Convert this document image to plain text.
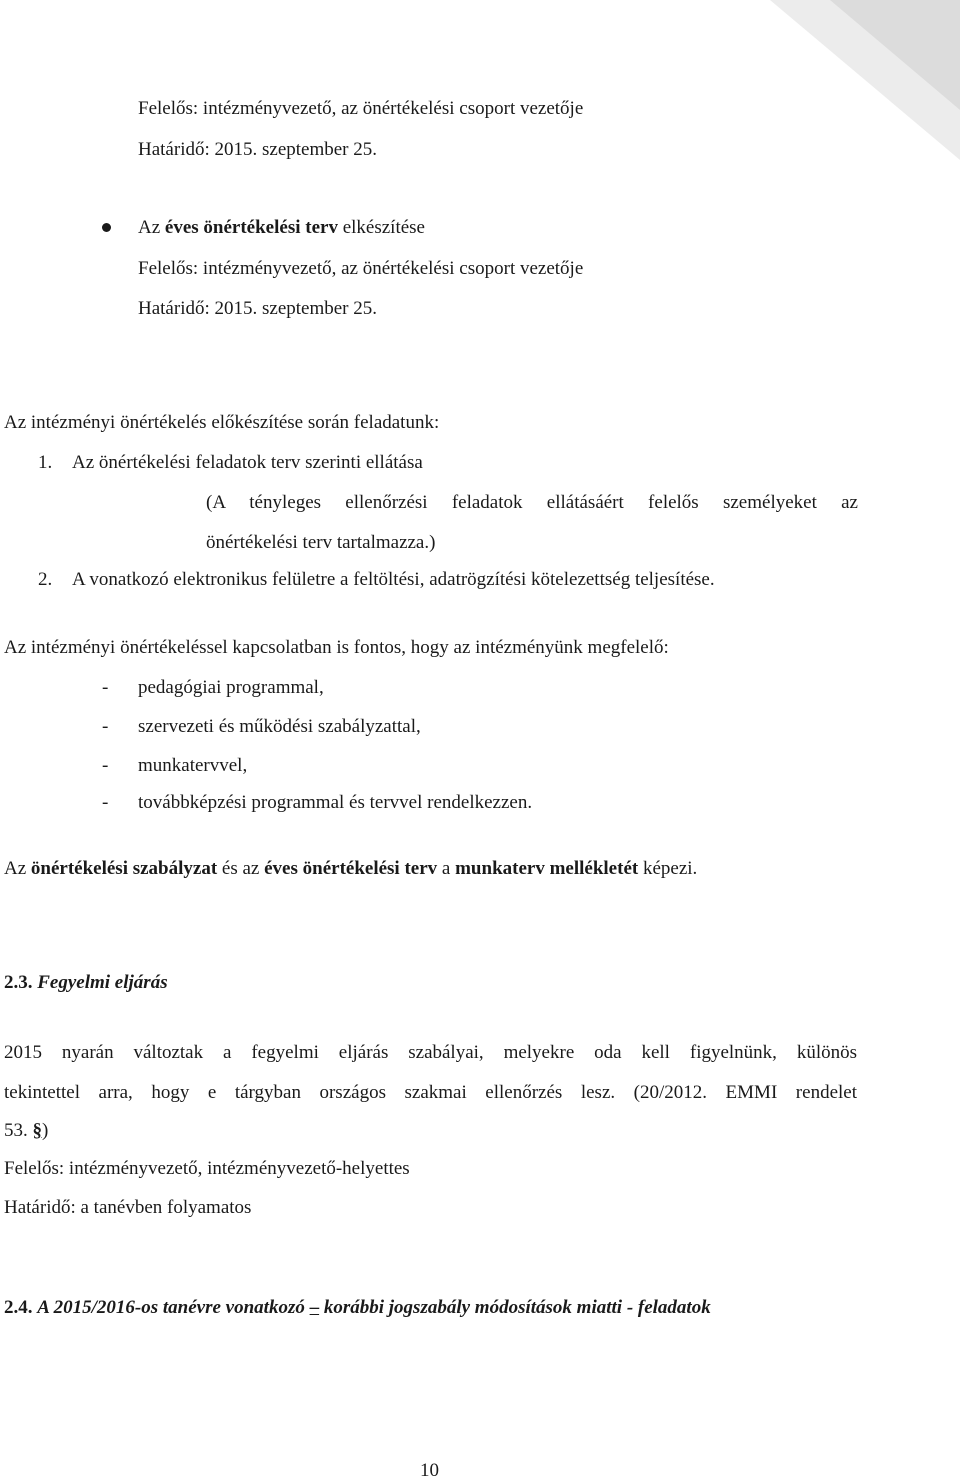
Felelős: intézményvezető, az önértékelési csoport vezetője
Határidő: 2015. szeptember 25.
Az éves önértékelési terv elkészítése
Felelős: intézményvezető, az önértékelési csoport vezetője
Határidő: 2015. szeptember 25.
Az intézményi önértékelés előkészítése során feladatunk:
1. Az önértékelési feladatok terv szerinti ellátása
(A tényleges ellenőrzési feladatok ellátásáért felelős személyeket az
önértékelési terv tartalmazza.)
2. A vonatkozó elektronikus felületre a feltöltési, adatrögzítési kötelezettség teljesítése.
Az intézményi önértékeléssel kapcsolatban is fontos, hogy az intézményünk megfelelő:
- pedagógiai programmal,
- szervezeti és működési szabályzattal,
- munkatervvel,
- továbbképzési programmal és tervvel rendelkezzen.
Az önértékelési szabályzat és az éves önértékelési terv a munkaterv mellékletét képezi.
2.3. Fegyelmi eljárás
2015 nyarán változtak a fegyelmi eljárás szabályai, melyekre oda kell figyelnünk, különös
tekintettel arra, hogy e tárgyban országos szakmai ellenőrzés lesz. (20/2012. EMMI rendelet
53. §)
Felelős: intézményvezető, intézményvezető-helyettes
Határidő: a tanévben folyamatos
2.4. A 2015/2016-os tanévre vonatkozó – korábbi jogszabály módosítások miatti - feladatok
10
